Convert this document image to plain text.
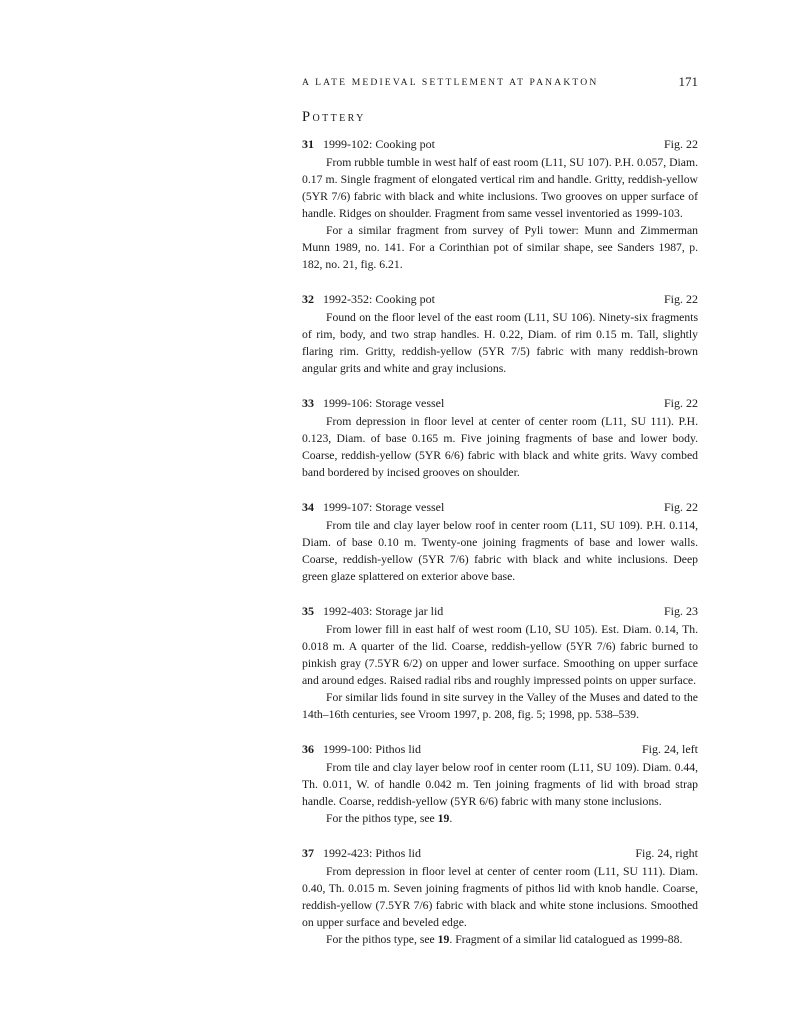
A LATE MEDIEVAL SETTLEMENT AT PANAKTON	171
Pottery
31 1999-102: Cooking pot	Fig. 22

From rubble tumble in west half of east room (L11, SU 107). P.H. 0.057, Diam. 0.17 m. Single fragment of elongated vertical rim and handle. Gritty, reddish-yellow (5YR 7/6) fabric with black and white inclusions. Two grooves on upper surface of handle. Ridges on shoulder. Fragment from same vessel inventoried as 1999-103.

For a similar fragment from survey of Pyli tower: Munn and Zimmerman Munn 1989, no. 141. For a Corinthian pot of similar shape, see Sanders 1987, p. 182, no. 21, fig. 6.21.

32 1992-352: Cooking pot	Fig. 22

Found on the floor level of the east room (L11, SU 106). Ninety-six fragments of rim, body, and two strap handles. H. 0.22, Diam. of rim 0.15 m. Tall, slightly flaring rim. Gritty, reddish-yellow (5YR 7/5) fabric with many reddish-brown angular grits and white and gray inclusions.

33 1999-106: Storage vessel	Fig. 22

From depression in floor level at center of center room (L11, SU 111). P.H. 0.123, Diam. of base 0.165 m. Five joining fragments of base and lower body. Coarse, reddish-yellow (5YR 6/6) fabric with black and white grits. Wavy combed band bordered by incised grooves on shoulder.

34 1999-107: Storage vessel	Fig. 22

From tile and clay layer below roof in center room (L11, SU 109). P.H. 0.114, Diam. of base 0.10 m. Twenty-one joining fragments of base and lower walls. Coarse, reddish-yellow (5YR 7/6) fabric with black and white inclusions. Deep green glaze splattered on exterior above base.

35 1992-403: Storage jar lid	Fig. 23

From lower fill in east half of west room (L10, SU 105). Est. Diam. 0.14, Th. 0.018 m. A quarter of the lid. Coarse, reddish-yellow (5YR 7/6) fabric burned to pinkish gray (7.5YR 6/2) on upper and lower surface. Smoothing on upper surface and around edges. Raised radial ribs and roughly impressed points on upper surface.

For similar lids found in site survey in the Valley of the Muses and dated to the 14th–16th centuries, see Vroom 1997, p. 208, fig. 5; 1998, pp. 538–539.

36 1999-100: Pithos lid	Fig. 24, left

From tile and clay layer below roof in center room (L11, SU 109). Diam. 0.44, Th. 0.011, W. of handle 0.042 m. Ten joining fragments of lid with broad strap handle. Coarse, reddish-yellow (5YR 6/6) fabric with many stone inclusions.

For the pithos type, see 19.

37 1992-423: Pithos lid	Fig. 24, right

From depression in floor level at center of center room (L11, SU 111). Diam. 0.40, Th. 0.015 m. Seven joining fragments of pithos lid with knob handle. Coarse, reddish-yellow (7.5YR 7/6) fabric with black and white stone inclusions. Smoothed on upper surface and beveled edge.

For the pithos type, see 19. Fragment of a similar lid catalogued as 1999-88.
